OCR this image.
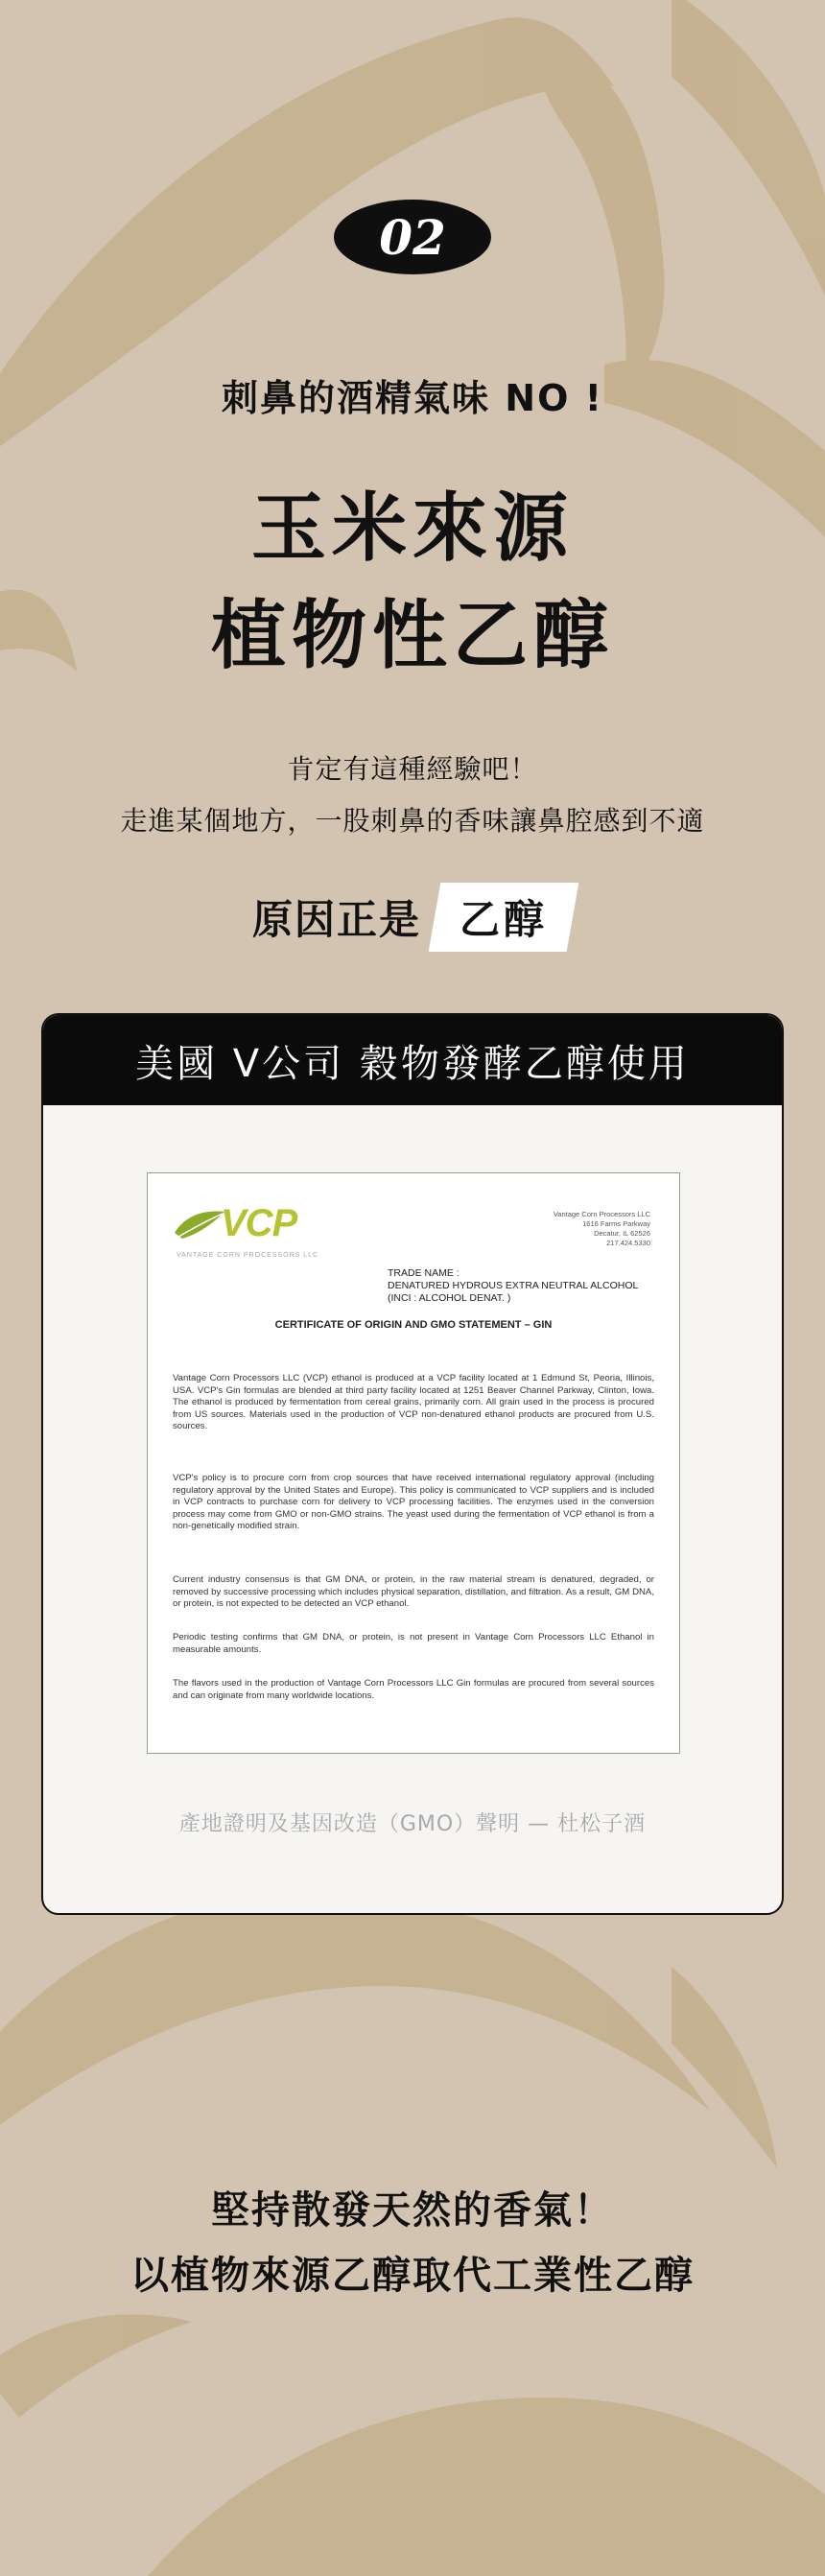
02
刺鼻的酒精氣味 NO !
玉米來源
植物性乙醇
肯定有這種經驗吧！
走進某個地方，一股刺鼻的香味讓鼻腔感到不適
原因正是 乙醇
美國 V公司 穀物發酵乙醇使用
VCP
VANTAGE CORN PROCESSORS LLC
Vantage Corn Processors LLC
1616 Farms Parkway
Decatur, IL 62526
217.424.5330
TRADE NAME :
DENATURED HYDROUS EXTRA NEUTRAL ALCOHOL
(INCI : ALCOHOL DENAT. )
CERTIFICATE OF ORIGIN AND GMO STATEMENT – GIN
Vantage Corn Processors LLC (VCP) ethanol is produced at a VCP facility located at 1 Edmund St, Peoria, Illinois, USA. VCP's Gin formulas are blended at third party facility located at 1251 Beaver Channel Parkway, Clinton, Iowa. The ethanol is produced by fermentation from cereal grains, primarily corn. All grain used in the process is procured from US sources. Materials used in the production of VCP non-denatured ethanol products are procured from U.S. sources.
VCP's policy is to procure corn from crop sources that have received international regulatory approval (including regulatory approval by the United States and Europe). This policy is communicated to VCP suppliers and is included in VCP contracts to purchase corn for delivery to VCP processing facilities. The enzymes used in the conversion process may come from GMO or non-GMO strains. The yeast used during the fermentation of VCP ethanol is from a non-genetically modified strain.
Current industry consensus is that GM DNA, or protein, in the raw material stream is denatured, degraded, or removed by successive processing which includes physical separation, distillation, and filtration. As a result, GM DNA, or protein, is not expected to be detected an VCP ethanol.
Periodic testing confirms that GM DNA, or protein, is not present in Vantage Corn Processors LLC Ethanol in measurable amounts.
The flavors used in the production of Vantage Corn Processors LLC Gin formulas are procured from several sources and can originate from many worldwide locations.
產地證明及基因改造（GMO）聲明 — 杜松子酒
堅持散發天然的香氣！
以植物來源乙醇取代工業性乙醇
